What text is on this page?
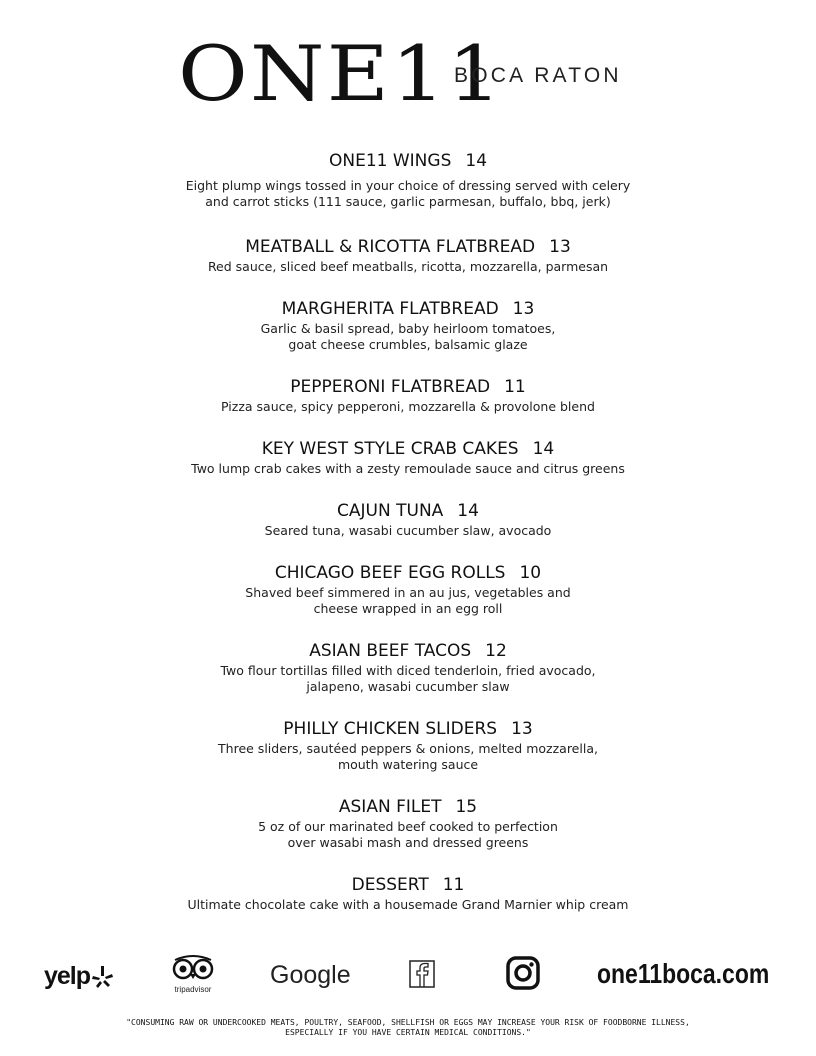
ONE11
BOCA RATON
ONE11 WINGS 14
Eight plump wings tossed in your choice of dressing served with celery
and carrot sticks (111 sauce, garlic parmesan, buffalo, bbq, jerk)
MEATBALL & RICOTTA FLATBREAD 13
Red sauce, sliced beef meatballs, ricotta, mozzarella, parmesan
MARGHERITA FLATBREAD 13
Garlic & basil spread, baby heirloom tomatoes,
goat cheese crumbles, balsamic glaze
PEPPERONI FLATBREAD 11
Pizza sauce, spicy pepperoni, mozzarella & provolone blend
KEY WEST STYLE CRAB CAKES 14
Two lump crab cakes with a zesty remoulade sauce and citrus greens
CAJUN TUNA 14
Seared tuna, wasabi cucumber slaw, avocado
CHICAGO BEEF EGG ROLLS 10
Shaved beef simmered in an au jus, vegetables and
cheese wrapped in an egg roll
ASIAN BEEF TACOS 12
Two flour tortillas filled with diced tenderloin, fried avocado,
jalapeno, wasabi cucumber slaw
PHILLY CHICKEN SLIDERS 13
Three sliders, sautéed peppers & onions, melted mozzarella,
mouth watering sauce
ASIAN FILET 15
5 oz of our marinated beef cooked to perfection
over wasabi mash and dressed greens
DESSERT 11
Ultimate chocolate cake with a housemade Grand Marnier whip cream
yelp	tripadvisor
Google	one11boca.com
"CONSUMING RAW OR UNDERCOOKED MEATS, POULTRY, SEAFOOD, SHELLFISH OR EGGS MAY INCREASE YOUR RISK OF FOODBORNE ILLNESS,
ESPECIALLY IF YOU HAVE CERTAIN MEDICAL CONDITIONS."
